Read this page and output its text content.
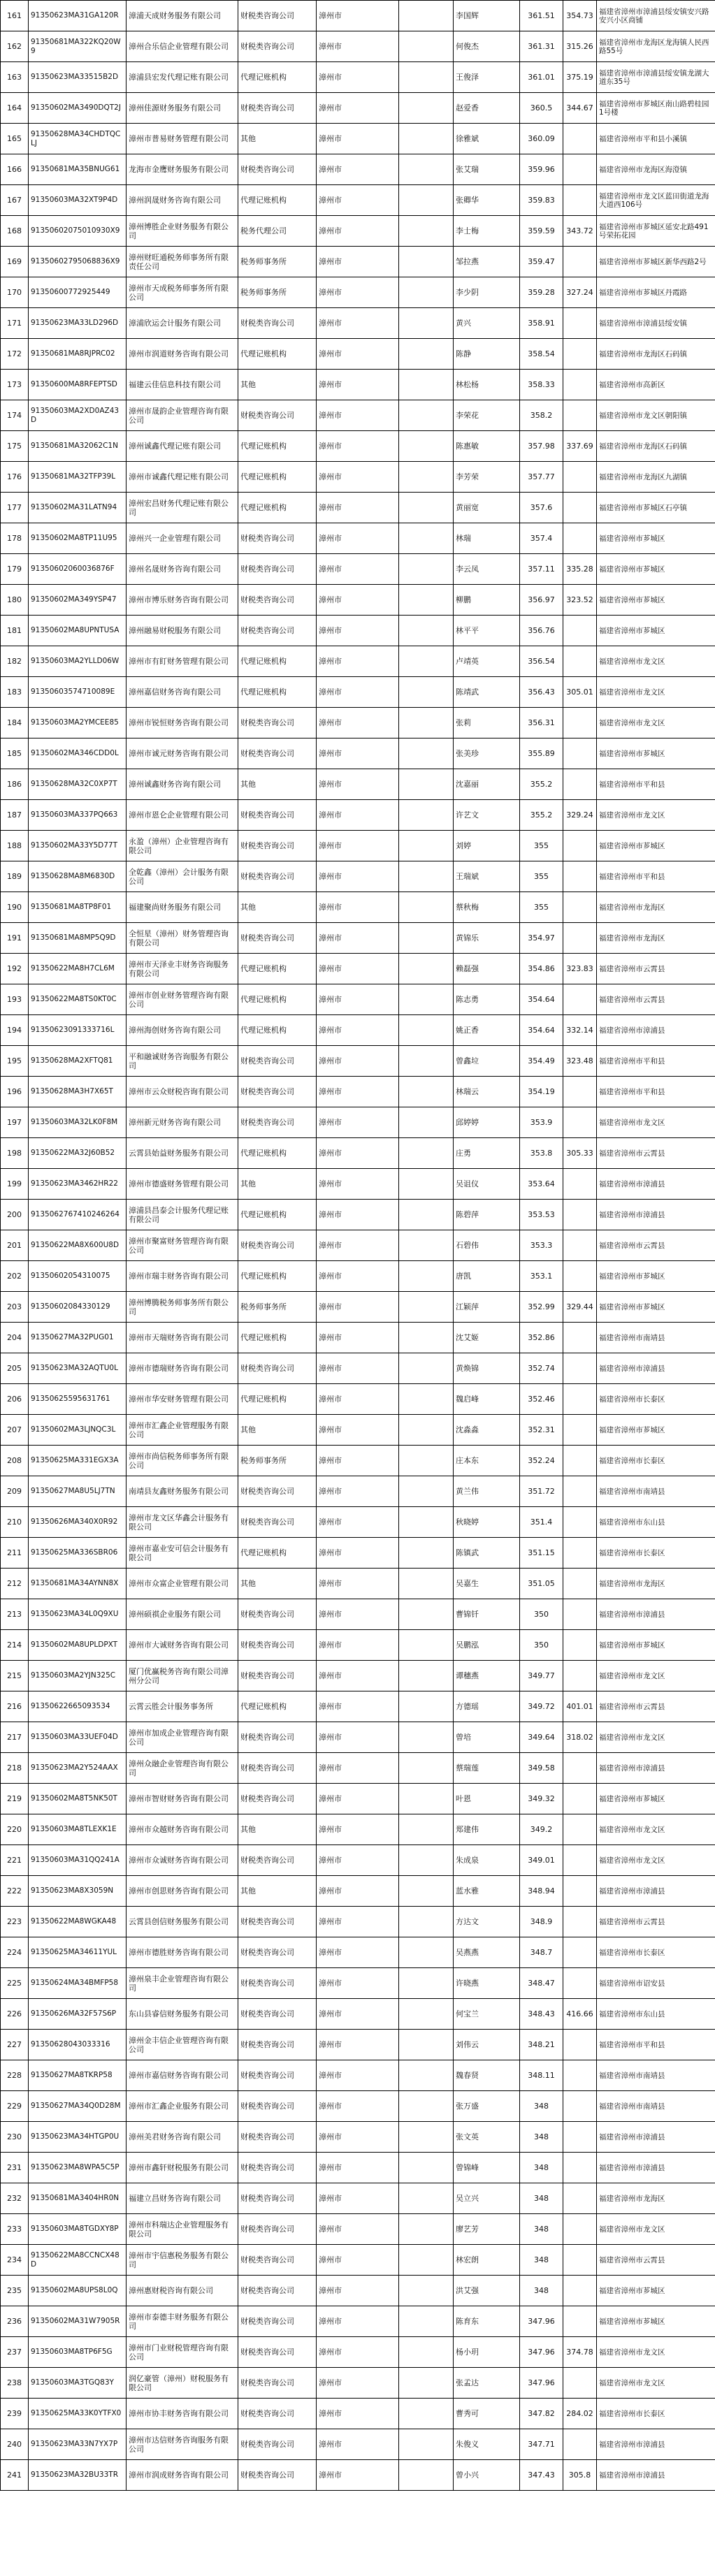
161	91350623MA31GA120R	漳浦天成财务服务有限公司	财税类咨询公司	漳州市		李国辉	361.51	354.73	福建省漳州市漳浦县绥安镇安兴路安兴小区商铺
162	91350681MA322KQ20W9	漳州合乐信企业管理有限公司	财税类咨询公司	漳州市		何俊杰	361.31	315.26	福建省漳州市龙海区龙海镇人民西路55号
163	91350623MA33515B2D	漳浦县宏发代理记账有限公司	代理记账机构	漳州市		王俊泽	361.01	375.19	福建省漳州市漳浦县绥安镇龙湖大道东35号
164	91350602MA3490DQT2J	漳州佳源财务服务有限公司	财税类咨询公司	漳州市		赵爱香	360.5	344.67	福建省漳州市芗城区南山路碧桂园1号楼
165	91350628MA34CHDTQCLJ	漳州市普易财务管理有限公司	其他	漳州市		徐雅斌	360.09		福建省漳州市平和县小溪镇
166	91350681MA35BNUG61	龙海市金鹰财务服务有限公司	财税类咨询公司	漳州市		张艾瑞	359.96		福建省漳州市龙海区海澄镇
167	91350603MA32XT9P4D	漳州润晟财务咨询有限公司	代理记账机构	漳州市		张卿华	359.83		福建省漳州市龙文区蓝田街道龙海大道西106号
168	91350602075010930X9	漳州博胜企业财务服务有限公司	税务代理公司	漳州市		李士梅	359.59	343.72	福建省漳州市芗城区延安北路491号荣拓花园
169	91350602795068836X9	漳州财旺通税务师事务所有限责任公司	税务师事务所	漳州市		邹拉燕	359.47		福建省漳州市芗城区新华西路2号
170	91350600772925449	漳州市天成税务师事务所有限公司	税务师事务所	漳州市		李少阴	359.28	327.24	福建省漳州市芗城区丹霞路
171	91350623MA33LD296D	漳浦欣运会计服务有限公司	财税类咨询公司	漳州市		黄兴	358.91		福建省漳州市漳浦县绥安镇
172	91350681MA8RJPRC02	漳州市润道财务咨询有限公司	代理记账机构	漳州市		陈静	358.54		福建省漳州市龙海区石码镇
173	91350600MA8RFEPTSD	福建云佳信息科技有限公司	其他	漳州市		林松杨	358.33		福建省漳州市高新区
174	91350603MA2XD0AZ43D	漳州市晟韵企业管理咨询有限公司	财税类咨询公司	漳州市		李荣花	358.2		福建省漳州市龙文区朝阳镇
175	91350681MA32062C1N	漳州诚鑫代理记账有限公司	代理记账机构	漳州市		陈惠敏	357.98	337.69	福建省漳州市龙海区石码镇
176	91350681MA32TFP39L	漳州市诚鑫代理记账有限公司	代理记账机构	漳州市		李芳荣	357.77		福建省漳州市龙海区九湖镇
177	91350602MA31LATN94	漳州宏昌财务代理记账有限公司	代理记账机构	漳州市		黄丽宽	357.6		福建省漳州市芗城区石亭镇
178	91350602MA8TP11U95	漳州兴一企业管理有限公司	财税类咨询公司	漳州市		林瑞	357.4		福建省漳州市芗城区
179	91350602060036876F	漳州名晟财务咨询有限公司	财税类咨询公司	漳州市		李云凤	357.11	335.28	福建省漳州市芗城区
180	91350602MA349YSP47	漳州市博乐财务咨询有限公司	财税类咨询公司	漳州市		柳鹏	356.97	323.52	福建省漳州市芗城区
181	91350602MA8UPNTUSA	漳州融易财税服务有限公司	财税类咨询公司	漳州市		林平平	356.76		福建省漳州市芗城区
182	91350603MA2YLLD06W	漳州市有盯财务管理有限公司	代理记账机构	漳州市		卢靖英	356.54		福建省漳州市龙文区
183	91350603574710089E	漳州嘉信财务咨询有限公司	代理记账机构	漳州市		陈靖武	356.43	305.01	福建省漳州市龙文区
184	91350603MA2YMCEE85	漳州市锐恒财务咨询有限公司	财税类咨询公司	漳州市		张莉	356.31		福建省漳州市龙文区
185	91350602MA346CDD0L	漳州市诚元财务咨询有限公司	财税类咨询公司	漳州市		张美珍	355.89		福建省漳州市芗城区
186	91350628MA32C0XP7T	漳州诚鑫财务咨询有限公司	其他	漳州市		沈嘉丽	355.2		福建省漳州市平和县
187	91350603MA337PQ663	漳州市恩仑企业管理有限公司	财税类咨询公司	漳州市		许艺文	355.2	329.24	福建省漳州市龙文区
188	91350602MA33Y5D77T	永盈（漳州）企业管理咨询有限公司	财税类咨询公司	漳州市		刘婷	355		福建省漳州市芗城区
189	91350628MA8M6830D	全乾鑫（漳州）会计服务有限公司	财税类咨询公司	漳州市		王瑞斌	355		福建省漳州市平和县
190	91350681MA8TP8F01	福建聚尚财务服务有限公司	其他	漳州市		蔡秋梅	355		福建省漳州市龙海区
191	91350681MA8MP5Q9D	全恒星（漳州）财务管理咨询有限公司	财税类咨询公司	漳州市		黄锦乐	354.97		福建省漳州市龙海区
192	91350622MA8H7CL6M	漳州市天泽业丰财务咨询服务有限公司	代理记账机构	漳州市		赖磊强	354.86	323.83	福建省漳州市云霄县
193	91350622MA8TS0KT0C	漳州市创业财务管理咨询有限公司	代理记账机构	漳州市		陈志勇	354.64		福建省漳州市云霄县
194	91350623091333716L	漳州海创财务咨询有限公司	代理记账机构	漳州市		姚正香	354.64	332.14	福建省漳州市漳浦县
195	91350628MA2XFTQ81	平和融诚财务咨询服务有限公司	财税类咨询公司	漳州市		曾鑫垃	354.49	323.48	福建省漳州市平和县
196	91350628MA3H7X65T	漳州市云众财税咨询有限公司	财税类咨询公司	漳州市		林瑞云	354.19		福建省漳州市平和县
197	91350603MA32LK0F8M	漳州新元财务咨询有限公司	财税类咨询公司	漳州市		邱婷婷	353.9		福建省漳州市龙文区
198	91350622MA32J60B52	云霄县始益财务服务有限公司	代理记账机构	漳州市		庄勇	353.8	305.33	福建省漳州市云霄县
199	91350623MA3462HR22	漳州市德盛财务管理有限公司	其他	漳州市		吴诅仪	353.64		福建省漳州市漳浦县
200	9135062767410246264	漳浦县昌泰会计服务代理记账有限公司	代理记账机构	漳州市		陈碧萍	353.53		福建省漳州市漳浦县
201	91350622MA8X600U8D	漳州市聚富财务管理咨询有限公司	财税类咨询公司	漳州市		石碧伟	353.3		福建省漳州市云霄县
202	91350602054310075	漳州市瑞丰财务咨询有限公司	代理记账机构	漳州市		唐凯	353.1		福建省漳州市芗城区
203	91350602084330129	漳州博腾税务师事务所有限公司	税务师事务所	漳州市		江颖萍	352.99	329.44	福建省漳州市芗城区
204	91350627MA32PUG01	漳州市天瑞财务咨询有限公司	代理记账机构	漳州市		沈艾姬	352.86		福建省漳州市南靖县
205	91350623MA32AQTU0L	漳州市德瑞财务咨询有限公司	财税类咨询公司	漳州市		黄焕锦	352.74		福建省漳州市漳浦县
206	91350625595631761	漳州市华安财务管理有限公司	代理记账机构	漳州市		魏启峰	352.46		福建省漳州市长泰区
207	91350602MA3LJNQC3L	漳州市汇鑫企业管理服务有限公司	其他	漳州市		沈淼淼	352.31		福建省漳州市芗城区
208	91350625MA331EGX3A	漳州市尚信税务师事务所有限公司	税务师事务所	漳州市		庄本东	352.24		福建省漳州市长泰区
209	91350627MA8U5LJ7TN	南靖县友鑫财务服务有限公司	财税类咨询公司	漳州市		黄兰伟	351.72		福建省漳州市南靖县
210	91350626MA340X0R92	漳州市龙文区华鑫会计服务有限公司	财税类咨询公司	漳州市		秋晓婷	351.4		福建省漳州市东山县
211	91350625MA336SBR06	漳州市嘉业安可信会计服务有限公司	代理记账机构	漳州市		陈镇武	351.15		福建省漳州市长泰区
212	91350681MA34AYNN8X	漳州市众富企业管理有限公司	其他	漳州市		吴嘉生	351.05		福建省漳州市龙海区
213	91350623MA34L0Q9XU	漳州硕祺企业服务有限公司	财税类咨询公司	漳州市		曹锦钎	350		福建省漳州市漳浦县
214	91350602MA8UPLDPXT	漳州市大诚财务咨询有限公司	财税类咨询公司	漳州市		吴鹏泓	350		福建省漳州市芗城区
215	91350603MA2YJN325C	厦门优赢税务咨询有限公司漳州分公司	财税类咨询公司	漳州市		谭穗燕	349.77		福建省漳州市龙文区
216	91350622665093534	云霄云胜会计服务事务所	代理记账机构	漳州市		方德瑶	349.72	401.01	福建省漳州市云霄县
217	91350603MA33UEF04D	漳州市加成企业管理咨询有限公司	财税类咨询公司	漳州市		曾培	349.64	318.02	福建省漳州市龙文区
218	91350623MA2Y524AAX	漳州众融企业管理咨询有限公司	财税类咨询公司	漳州市		蔡瑞莲	349.58		福建省漳州市漳浦县
219	91350602MA8T5NK50T	漳州市智财财务咨询有限公司	财税类咨询公司	漳州市		叶恩	349.32		福建省漳州市芗城区
220	91350603MA8TLEXK1E	漳州市众越财务咨询有限公司	其他	漳州市		郑建伟	349.2		福建省漳州市龙文区
221	91350603MA31QQ241A	漳州市众诚财务咨询有限公司	财税类咨询公司	漳州市		朱成泉	349.01		福建省漳州市龙文区
222	91350623MA8X3059N	漳州市创思财务咨询有限公司	其他	漳州市		蓝水雅	348.94		福建省漳州市漳浦县
223	91350622MA8WGKA48	云霄县创信财务服务有限公司	财税类咨询公司	漳州市		方达文	348.9		福建省漳州市云霄县
224	91350625MA34611YUL	漳州市德胜财务咨询有限公司	财税类咨询公司	漳州市		吴燕燕	348.7		福建省漳州市长泰区
225	91350624MA34BMFP58	漳州泉丰企业管理咨询有限公司	财税类咨询公司	漳州市		许晓燕	348.47		福建省漳州市诏安县
226	91350626MA32F57S6P	东山县睿信财务服务有限公司	财税类咨询公司	漳州市		何宝兰	348.43	416.66	福建省漳州市东山县
227	91350628043033316	漳州金丰信企业管理咨询有限公司	财税类咨询公司	漳州市		刘伟云	348.21		福建省漳州市平和县
228	91350627MA8TKRP58	漳州市嘉信财务咨询有限公司	财税类咨询公司	漳州市		魏春贤	348.11		福建省漳州市南靖县
229	91350627MA34Q0D28M	漳州市汇鑫企业服务有限公司	财税类咨询公司	漳州市		张万盛	348		福建省漳州市南靖县
230	91350623MA34HTGP0U	漳州美君财务咨询有限公司	财税类咨询公司	漳州市		张文英	348		福建省漳州市漳浦县
231	91350623MA8WPA5C5P	漳州市鑫轩财税服务有限公司	财税类咨询公司	漳州市		曾锦峰	348		福建省漳州市漳浦县
232	91350681MA3404HR0N	福建立昌财务咨询有限公司	财税类咨询公司	漳州市		吴立兴	348		福建省漳州市龙海区
233	91350603MA8TGDXY8P	漳州市科瑞达企业管理服务有限公司	财税类咨询公司	漳州市		廖艺芳	348		福建省漳州市龙文区
234	91350622MA8CCNCX48D	漳州市宇信惠税务服务有限公司	财税类咨询公司	漳州市		林宏朗	348		福建省漳州市云霄县
235	91350602MA8UPS8L0Q	漳州惠财税咨询有限公司	财税类咨询公司	漳州市		洪艾强	348		福建省漳州市芗城区
236	91350602MA31W7905R	漳州市泰德丰财务服务有限公司	财税类咨询公司	漳州市		陈育东	347.96		福建省漳州市芗城区
237	91350603MA8TP6F5G	漳州市门业财税管理咨询有限公司	财税类咨询公司	漳州市		杨小玥	347.96	374.78	福建省漳州市龙文区
238	91350603MA3TGQ83Y	润亿豪管（漳州）财税服务有限公司	财税类咨询公司	漳州市		张孟达	347.96		福建省漳州市龙文区
239	91350625MA33K0YTFX0	漳州市协丰财务咨询有限公司	财税类咨询公司	漳州市		曹秀可	347.82	284.02	福建省漳州市长泰区
240	91350623MA33N7YX7P	漳州市达信财务咨询服务有限公司	财税类咨询公司	漳州市		朱俊义	347.71		福建省漳州市漳浦县
241	91350623MA32BU33TR	漳州市润成财务咨询有限公司	财税类咨询公司	漳州市		曾小兴	347.43	305.8	福建省漳州市漳浦县
